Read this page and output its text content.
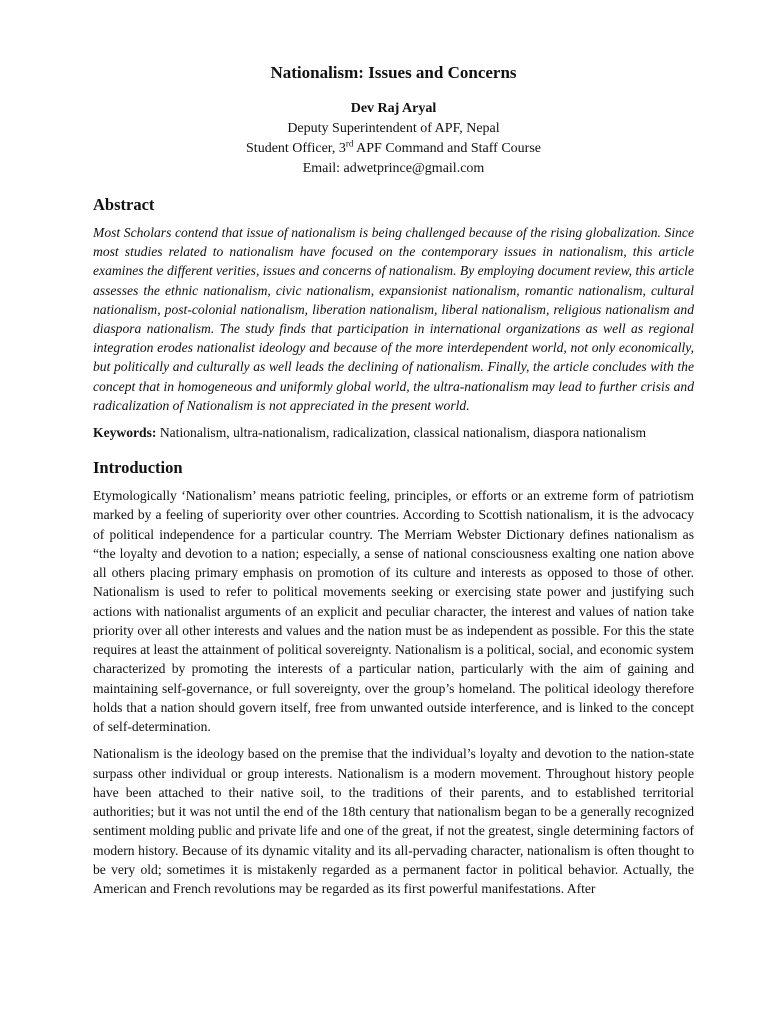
Nationalism: Issues and Concerns
Dev Raj Aryal
Deputy Superintendent of APF, Nepal
Student Officer, 3rd APF Command and Staff Course
Email: adwetprince@gmail.com
Abstract

Most Scholars contend that issue of nationalism is being challenged because of the rising globalization. Since most studies related to nationalism have focused on the contemporary issues in nationalism, this article examines the different verities, issues and concerns of nationalism. By employing document review, this article assesses the ethnic nationalism, civic nationalism, expansionist nationalism, romantic nationalism, cultural nationalism, post-colonial nationalism, liberation nationalism, liberal nationalism, religious nationalism and diaspora nationalism. The study finds that participation in international organizations as well as regional integration erodes nationalist ideology and because of the more interdependent world, not only economically, but politically and culturally as well leads the declining of nationalism. Finally, the article concludes with the concept that in homogeneous and uniformly global world, the ultra-nationalism may lead to further crisis and radicalization of Nationalism is not appreciated in the present world.

Keywords: Nationalism, ultra-nationalism, radicalization, classical nationalism, diaspora nationalism

Introduction

Etymologically ‘Nationalism’ means patriotic feeling, principles, or efforts or an extreme form of patriotism marked by a feeling of superiority over other countries. According to Scottish nationalism, it is the advocacy of political independence for a particular country. The Merriam Webster Dictionary defines nationalism as “the loyalty and devotion to a nation; especially, a sense of national consciousness exalting one nation above all others placing primary emphasis on promotion of its culture and interests as opposed to those of other. Nationalism is used to refer to political movements seeking or exercising state power and justifying such actions with nationalist arguments of an explicit and peculiar character, the interest and values of nation take priority over all other interests and values and the nation must be as independent as possible. For this the state requires at least the attainment of political sovereignty. Nationalism is a political, social, and economic system characterized by promoting the interests of a particular nation, particularly with the aim of gaining and maintaining self-governance, or full sovereignty, over the group’s homeland. The political ideology therefore holds that a nation should govern itself, free from unwanted outside interference, and is linked to the concept of self-determination.

Nationalism is the ideology based on the premise that the individual’s loyalty and devotion to the nation-state surpass other individual or group interests. Nationalism is a modern movement. Throughout history people have been attached to their native soil, to the traditions of their parents, and to established territorial authorities; but it was not until the end of the 18th century that nationalism began to be a generally recognized sentiment molding public and private life and one of the great, if not the greatest, single determining factors of modern history. Because of its dynamic vitality and its all-pervading character, nationalism is often thought to be very old; sometimes it is mistakenly regarded as a permanent factor in political behavior. Actually, the American and French revolutions may be regarded as its first powerful manifestations. After
